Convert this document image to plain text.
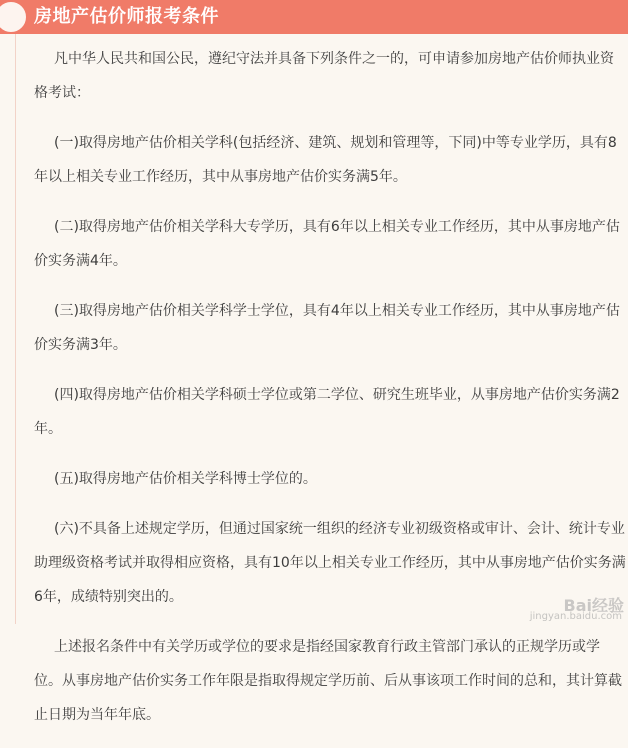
房地产估价师报考条件

凡中华人民共和国公民，遵纪守法并具备下列条件之一的，可申请参加房地产估价师执业资格考试：

(一)取得房地产估价相关学科(包括经济、建筑、规划和管理等，下同)中等专业学历，具有8年以上相关专业工作经历，其中从事房地产估价实务满5年。

(二)取得房地产估价相关学科大专学历，具有6年以上相关专业工作经历，其中从事房地产估价实务满4年。

(三)取得房地产估价相关学科学士学位，具有4年以上相关专业工作经历，其中从事房地产估价实务满3年。

(四)取得房地产估价相关学科硕士学位或第二学位、研究生班毕业，从事房地产估价实务满2年。

(五)取得房地产估价相关学科博士学位的。

(六)不具备上述规定学历，但通过国家统一组织的经济专业初级资格或审计、会计、统计专业助理级资格考试并取得相应资格，具有10年以上相关专业工作经历，其中从事房地产估价实务满6年，成绩特别突出的。

上述报名条件中有关学历或学位的要求是指经国家教育行政主管部门承认的正规学历或学位。从事房地产估价实务工作年限是指取得规定学历前、后从事该项工作时间的总和，其计算截止日期为当年年底。

Bai经验
jingyan.baidu.com
